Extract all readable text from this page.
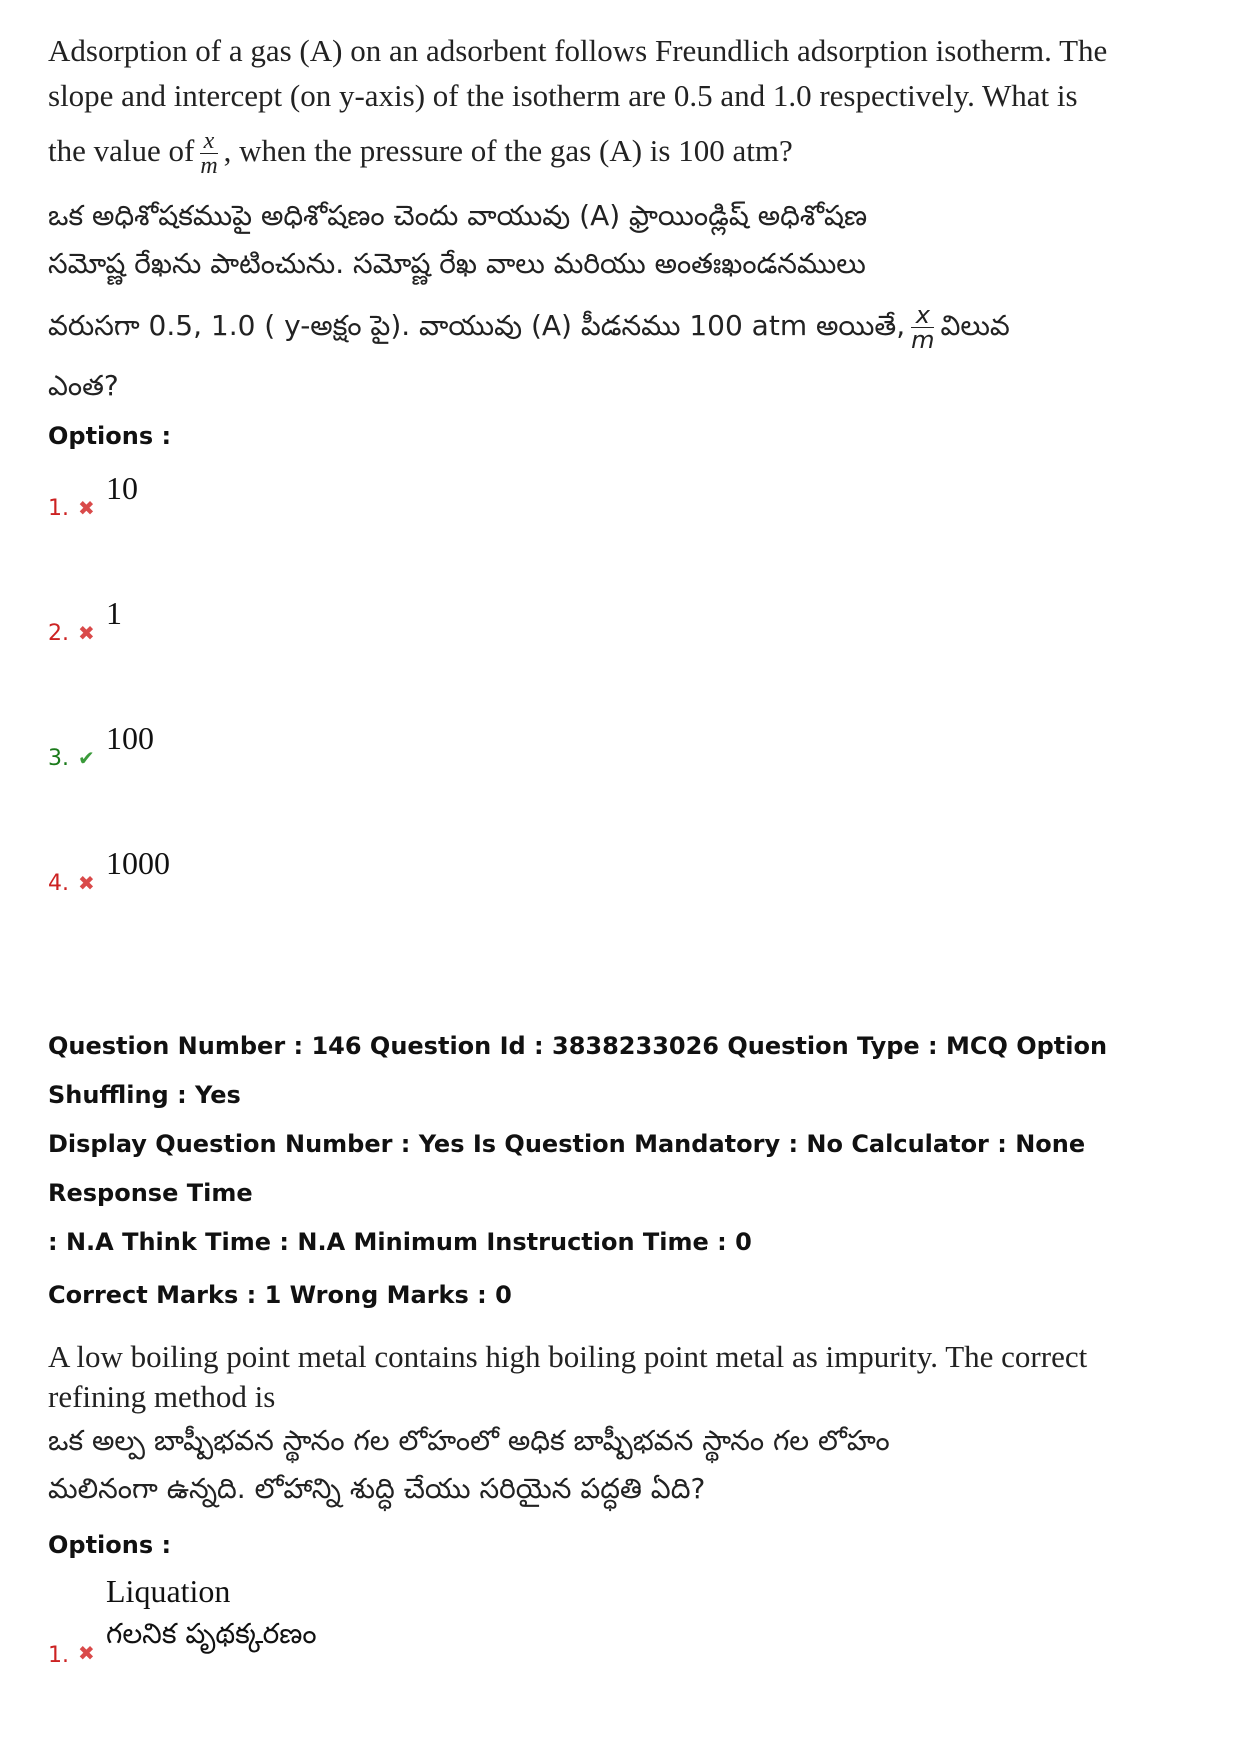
Adsorption of a gas (A) on an adsorbent follows Freundlich adsorption isotherm. The

slope and intercept (on y-axis) of the isotherm are 0.5 and 1.0 respectively. What is

the value of $\frac{x}{m}$ , when the pressure of the gas (A) is 100 atm?

ఒక అధిశోషకముపై అధిశోషణం చెందు వాయువు (A) ఫ్రాయిండ్లిష్ అధిశోషణ

సమోష్ణ రేఖను పాటించును. సమోష్ణ రేఖ వాలు మరియు అంతఃఖండనములు

వరుసగా 0.5, 1.0 ( y-అక్షం పై). వాయువు (A) పీడనము 100 atm అయితే, $\frac{x}{m}$ విలువ

ఎంత?

Options :

1. ✖
10
2. ✖
1
3. ✔
100
4. ✖
1000

Question Number : 146 Question Id : 3838233026 Question Type : MCQ Option Shuffling : Yes

Display Question Number : Yes Is Question Mandatory : No Calculator : None Response Time

: N.A Think Time : N.A Minimum Instruction Time : 0

Correct Marks : 1 Wrong Marks : 0

A low boiling point metal contains high boiling point metal as impurity. The correct

refining method is

ఒక అల్ప బాష్పీభవన స్థానం గల లోహంలో అధిక బాష్పీభవన స్థానం గల లోహం

మలినంగా ఉన్నది. లోహాన్ని శుద్ధి చేయు సరియైన పద్ధతి ఏది?

Options :

Liquation
1. ✖
గలనిక పృథక్కరణం
